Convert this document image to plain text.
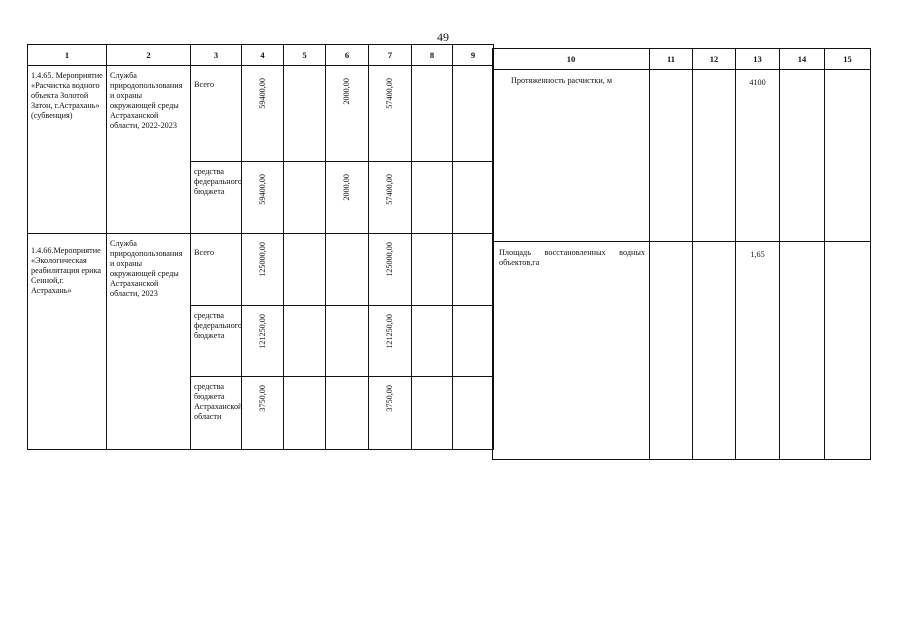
49
1	2	3	4	5	6	7	8	9
1.4.65. Мероприятие «Расчистка водного объекта Золотой Затон, г.Астрахань» (субвенция)	Служба природопользования и охраны окружающей среды Астраханской области, 2022-2023	Всего	59400,00		2000,00	57400,00		

		средства федерального бюджета	59400,00		2000,00	57400,00		

1.4.66.Мероприятие «Экологическая реабилитация ерика Сенной,г. Астрахань»	Служба природопользования и охраны окружающей среды Астраханской области, 2023	Всего	125000,00			125000,00		

		средства федерального бюджета	121250,00			121250,00		

		средства бюджета Астраханской области	3750,00			3750,00		

10	11	12	13	14	15
Протяженность расчистки, м			4100		
Площадь восстановленных водных объектов,га			1,65		
